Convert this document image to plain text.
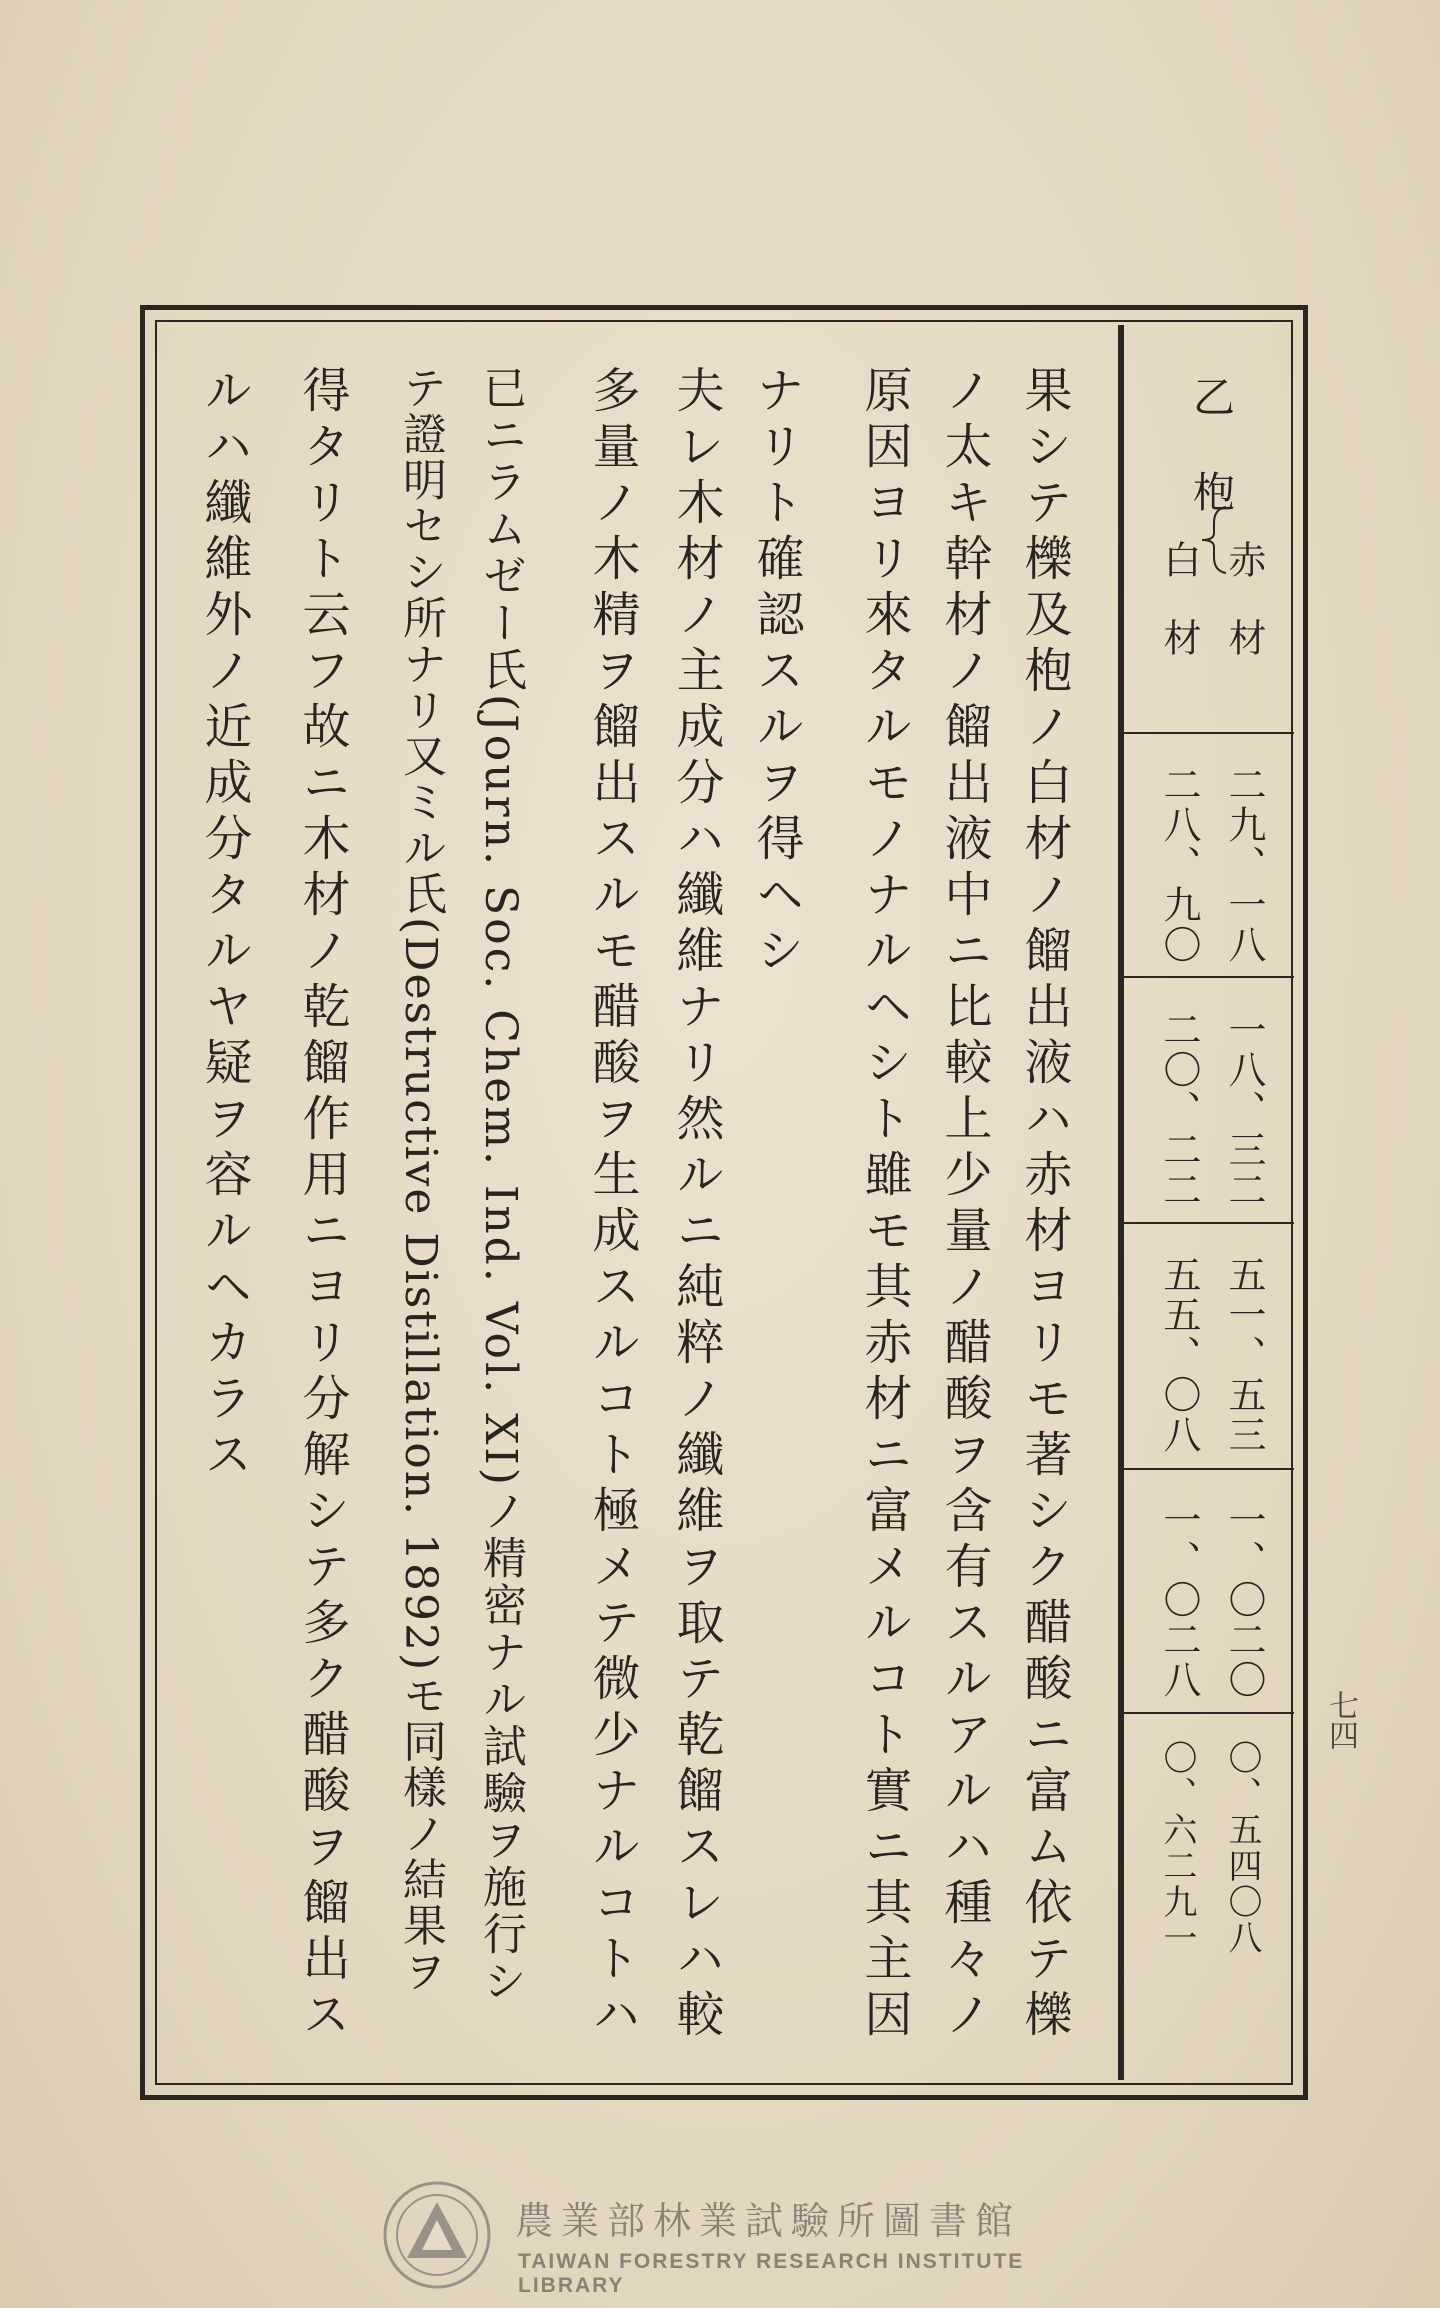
乙
枹
赤材
白材
二九、一八
二八、九〇
一八、三二
二〇、二二
五一、五三
五五、〇八
一、〇二〇
一、〇二八
〇、五四〇八
〇、六二九一
果シテ櫟及枹ノ白材ノ餾出液ハ赤材ヨリモ著シク醋酸ニ富ム依テ櫟
ノ太キ幹材ノ餾出液中ニ比較上少量ノ醋酸ヲ含有スルアルハ種々ノ
原因ヨリ來タルモノナルヘシト雖モ其赤材ニ富メルコト實ニ其主因
ナリト確認スルヲ得ヘシ
夫レ木材ノ主成分ハ纖維ナリ然ルニ純粹ノ纖維ヲ取テ乾餾スレハ較
多量ノ木精ヲ餾出スルモ醋酸ヲ生成スルコト極メテ微少ナルコトハ
已ニラムゼー氏(Journ. Soc. Chem. Ind. Vol. XI)ノ精密ナル試驗ヲ施行シ
テ證明セシ所ナリ又ミル氏(Destructive Distillation. 1892)モ同樣ノ結果ヲ
得タリト云フ故ニ木材ノ乾餾作用ニヨリ分解シテ多ク醋酸ヲ餾出ス
ルハ纖維外ノ近成分タルヤ疑ヲ容ルヘカラス
七四
農業部林業試驗所圖書館
TAIWAN FORESTRY RESEARCH INSTITUTE LIBRARY
